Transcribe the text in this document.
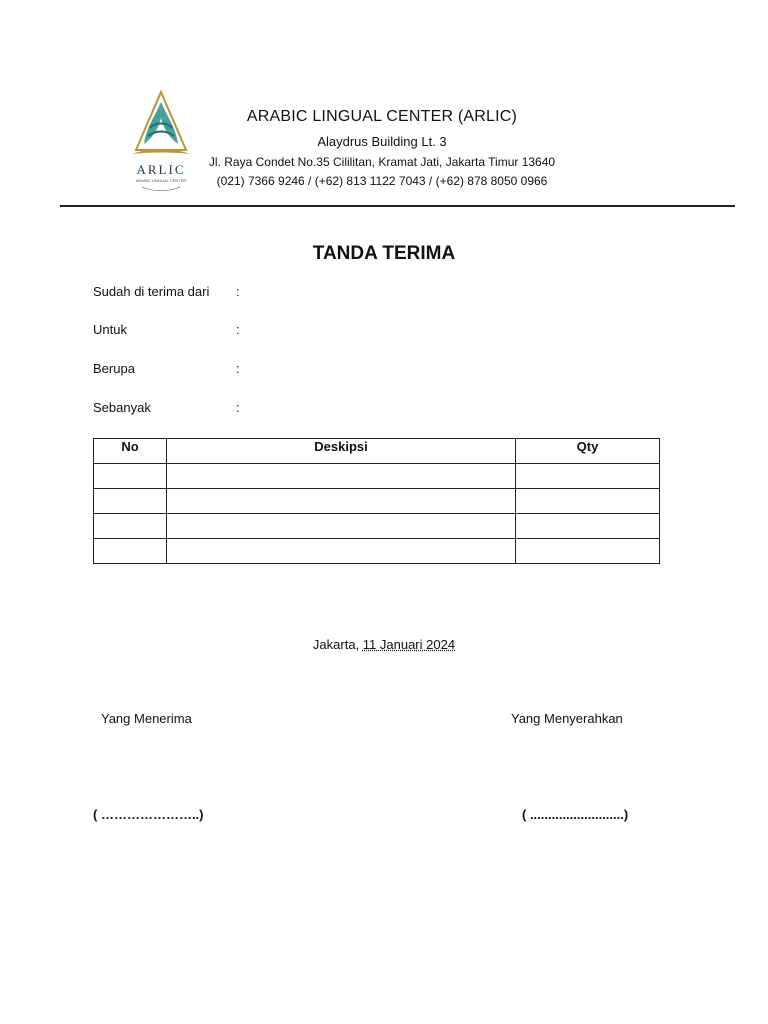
ARLIC
ARABIC LINGUAL CENTER
ARABIC LINGUAL CENTER (ARLIC)
Alaydrus Building Lt. 3
Jl. Raya Condet No.35 Cililitan, Kramat Jati, Jakarta Timur 13640
(021) 7366 9246 / (+62) 813 1122 7043 / (+62) 878 8050 0966
TANDA TERIMA
Sudah di terima dari :
Untuk	:
Berupa	:
Sebanyak	:
No	Deskipsi	Qty

Jakarta, 11 Januari 2024
Yang Menerima	Yang Menyerahkan
( …………………..)	( ..........................)
